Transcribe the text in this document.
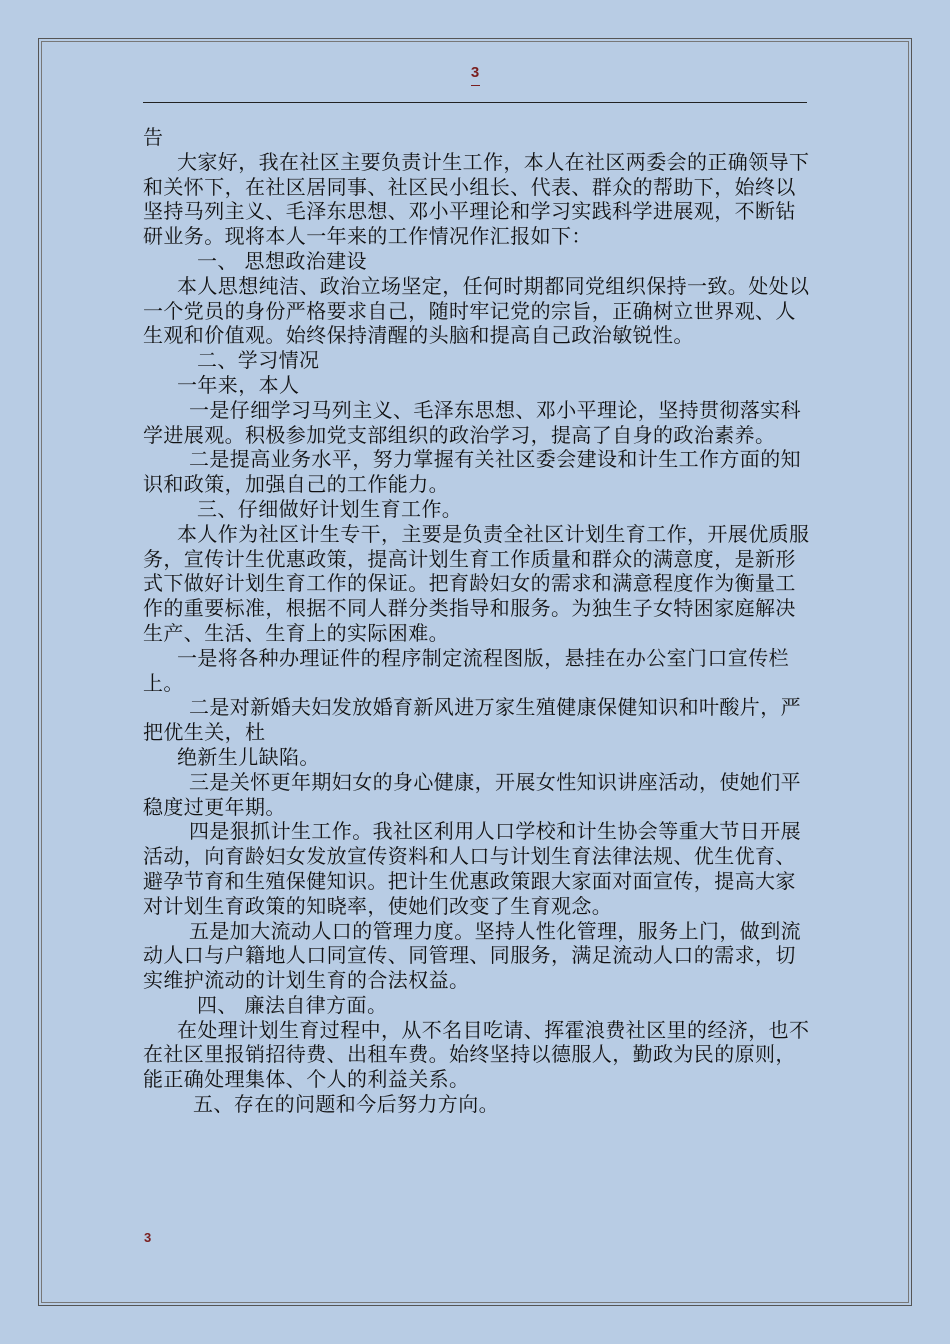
3

告

大家好，我在社区主要负责计生工作，本人在社区两委会的正确领导下和关怀下，在社区居同事、社区民小组长、代表、群众的帮助下，始终以坚持马列主义、毛泽东思想、邓小平理论和学习实践科学进展观，不断钻研业务。现将本人一年来的工作情况作汇报如下：

一、 思想政治建设

本人思想纯洁、政治立场坚定，任何时期都同党组织保持一致。处处以一个党员的身份严格要求自己，随时牢记党的宗旨，正确树立世界观、人生观和价值观。始终保持清醒的头脑和提高自己政治敏锐性。

二、学习情况

一年来，本人

一是仔细学习马列主义、毛泽东思想、邓小平理论，坚持贯彻落实科学进展观。积极参加党支部组织的政治学习，提高了自身的政治素养。

二是提高业务水平，努力掌握有关社区委会建设和计生工作方面的知识和政策，加强自己的工作能力。

三、仔细做好计划生育工作。

本人作为社区计生专干，主要是负责全社区计划生育工作，开展优质服务，宣传计生优惠政策，提高计划生育工作质量和群众的满意度，是新形式下做好计划生育工作的保证。把育龄妇女的需求和满意程度作为衡量工作的重要标准，根据不同人群分类指导和服务。为独生子女特困家庭解决生产、生活、生育上的实际困难。

一是将各种办理证件的程序制定流程图版，悬挂在办公室门口宣传栏上。

二是对新婚夫妇发放婚育新风进万家生殖健康保健知识和叶酸片，严把优生关，杜

绝新生儿缺陷。

三是关怀更年期妇女的身心健康，开展女性知识讲座活动，使她们平稳度过更年期。

四是狠抓计生工作。我社区利用人口学校和计生协会等重大节日开展活动，向育龄妇女发放宣传资料和人口与计划生育法律法规、优生优育、避孕节育和生殖保健知识。把计生优惠政策跟大家面对面宣传，提高大家对计划生育政策的知晓率，使她们改变了生育观念。

五是加大流动人口的管理力度。坚持人性化管理，服务上门，做到流动人口与户籍地人口同宣传、同管理、同服务，满足流动人口的需求，切实维护流动的计划生育的合法权益。

四、 廉法自律方面。

在处理计划生育过程中，从不名目吃请、挥霍浪费社区里的经济，也不在社区里报销招待费、出租车费。始终坚持以德服人，勤政为民的原则，能正确处理集体、个人的利益关系。

五、存在的问题和今后努力方向。

3
